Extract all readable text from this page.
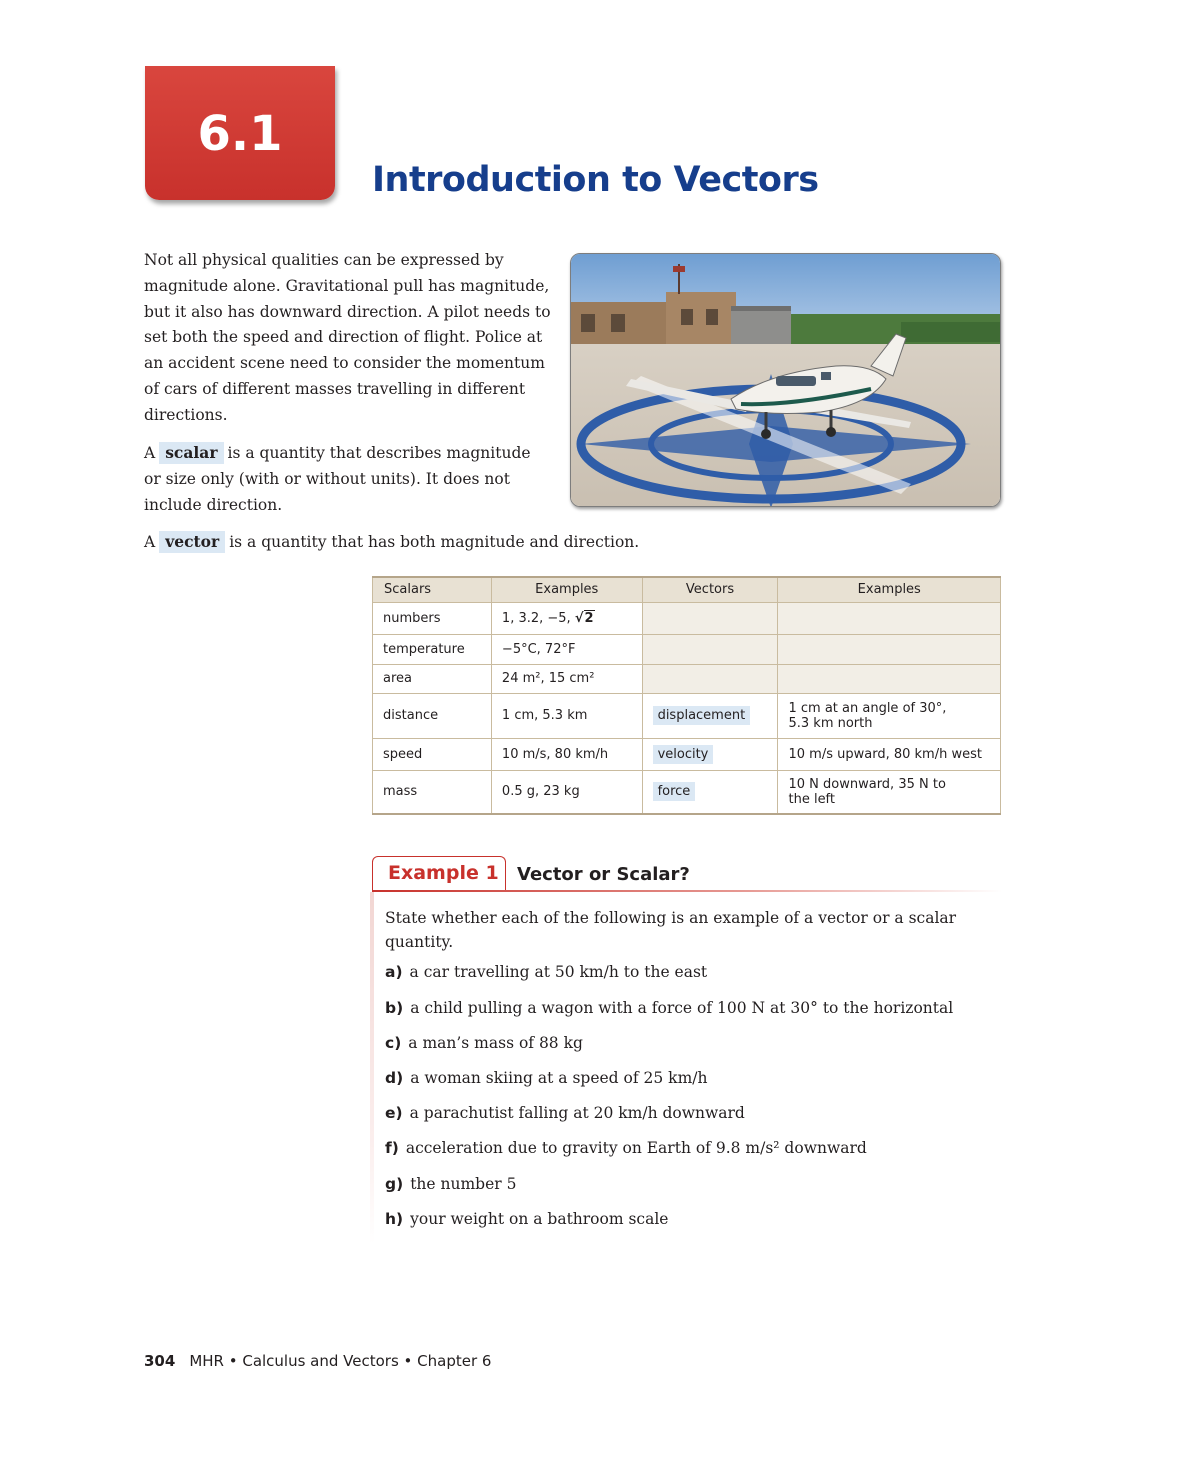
6.1
Introduction to Vectors
Not all physical qualities can be expressed by magnitude alone. Gravitational pull has magnitude, but it also has downward direction. A pilot needs to set both the speed and direction of flight. Police at an accident scene need to consider the momentum of cars of different masses travelling in different directions.
A scalar is a quantity that describes magnitude or size only (with or without units). It does not include direction.
A vector is a quantity that has both magnitude and direction.
Scalars	Examples	Vectors	Examples
numbers	1, 3.2, −5, √2		
temperature	−5°C, 72°F		
area	24 m², 15 cm²		
distance	1 cm, 5.3 km	displacement	1 cm at an angle of 30°,
5.3 km north

speed	10 m/s, 80 km/h	velocity	10 m/s upward, 80 km/h west
mass	0.5 g, 23 kg	force	10 N downward, 35 N to
the left
Example 1	Vector or Scalar?
State whether each of the following is an example of a vector or a scalar quantity.
a) a car travelling at 50 km/h to the east
b) a child pulling a wagon with a force of 100 N at 30° to the horizontal
c) a man’s mass of 88 kg
d) a woman skiing at a speed of 25 km/h
e) a parachutist falling at 20 km/h downward
f) acceleration due to gravity on Earth of 9.8 m/s² downward
g) the number 5
h) your weight on a bathroom scale
304 MHR • Calculus and Vectors • Chapter 6
